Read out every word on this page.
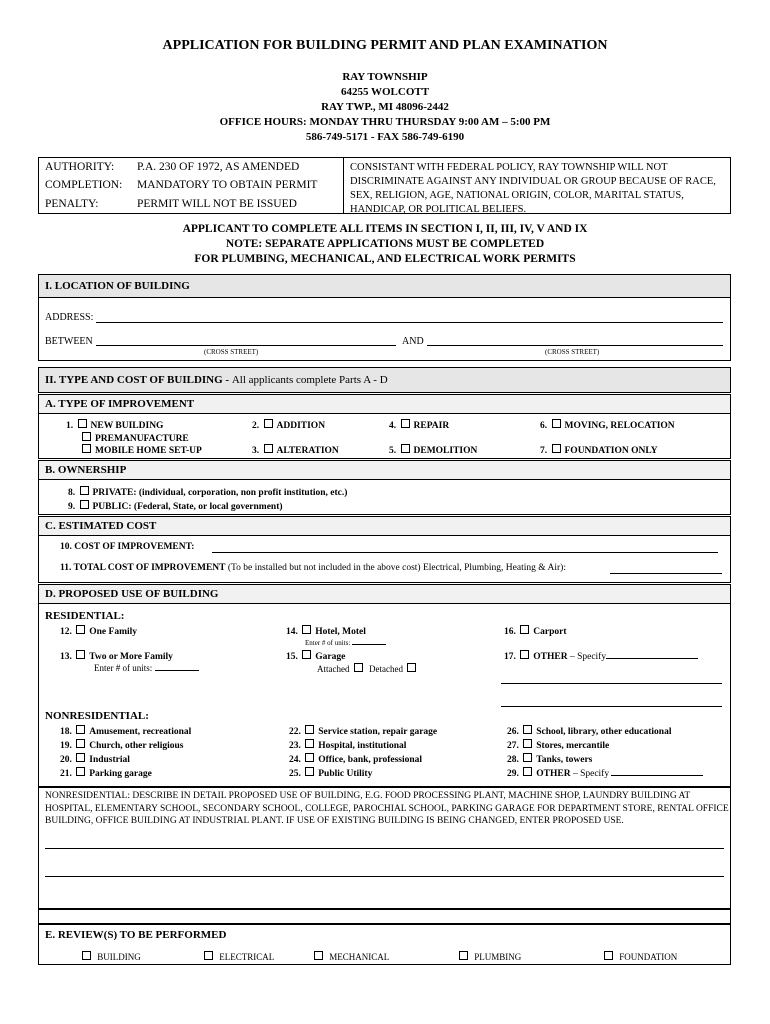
APPLICATION FOR BUILDING PERMIT AND PLAN EXAMINATION
RAY TOWNSHIP
64255 WOLCOTT
RAY TWP., MI 48096-2442
OFFICE HOURS: MONDAY THRU THURSDAY 9:00 AM – 5:00 PM
586-749-5171 - FAX 586-749-6190
AUTHORITY: P.A. 230 OF 1972, AS AMENDED
COMPLETION: MANDATORY TO OBTAIN PERMIT
PENALTY:	PERMIT WILL NOT BE ISSUED
CONSISTANT WITH FEDERAL POLICY, RAY TOWNSHIP WILL NOT DISCRIMINATE AGAINST ANY INDIVIDUAL OR GROUP BECAUSE OF RACE, SEX, RELIGION, AGE, NATIONAL ORIGIN, COLOR, MARITAL STATUS, HANDICAP, OR POLITICAL BELIEFS.
APPLICANT TO COMPLETE ALL ITEMS IN SECTION I, II, III, IV, V AND IX
NOTE: SEPARATE APPLICATIONS MUST BE COMPLETED
FOR PLUMBING, MECHANICAL, AND ELECTRICAL WORK PERMITS
I. LOCATION OF BUILDING
ADDRESS:
BETWEEN	AND
(CROSS STREET)	(CROSS STREET)
II. TYPE AND COST OF BUILDING - All applicants complete Parts A - D
A. TYPE OF IMPROVEMENT
1. NEW BUILDING
PREMANUFACTURE
MOBILE HOME SET-UP
2. ADDITION
3. ALTERATION
4. REPAIR
5. DEMOLITION
6. MOVING, RELOCATION
7. FOUNDATION ONLY
B. OWNERSHIP
8. PRIVATE: (individual, corporation, non profit institution, etc.)
9. PUBLIC: (Federal, State, or local government)
C. ESTIMATED COST
10. COST OF IMPROVEMENT:
11. TOTAL COST OF IMPROVEMENT (To be installed but not included in the above cost) Electrical, Plumbing, Heating & Air):
D. PROPOSED USE OF BUILDING
RESIDENTIAL:
12. One Family
13. Two or More Family
Enter # of units:
14. Hotel, Motel
Enter # of units:
15. Garage
Attached Detached
16. Carport
17. OTHER – Specify
NONRESIDENTIAL:
18. Amusement, recreational
19. Church, other religious
20. Industrial
21. Parking garage
22. Service station, repair garage
23. Hospital, institutional
24. Office, bank, professional
25. Public Utility
26. School, library, other educational
27. Stores, mercantile
28. Tanks, towers
29. OTHER – Specify
NONRESIDENTIAL: DESCRIBE IN DETAIL PROPOSED USE OF BUILDING, E.G. FOOD PROCESSING PLANT, MACHINE SHOP, LAUNDRY BUILDING AT HOSPITAL, ELEMENTARY SCHOOL, SECONDARY SCHOOL, COLLEGE, PAROCHIAL SCHOOL, PARKING GARAGE FOR DEPARTMENT STORE, RENTAL OFFICE BUILDING, OFFICE BUILDING AT INDUSTRIAL PLANT. IF USE OF EXISTING BUILDING IS BEING CHANGED, ENTER PROPOSED USE.
E. REVIEW(S) TO BE PERFORMED
BUILDING	ELECTRICAL	MECHANICAL	PLUMBING	FOUNDATION
